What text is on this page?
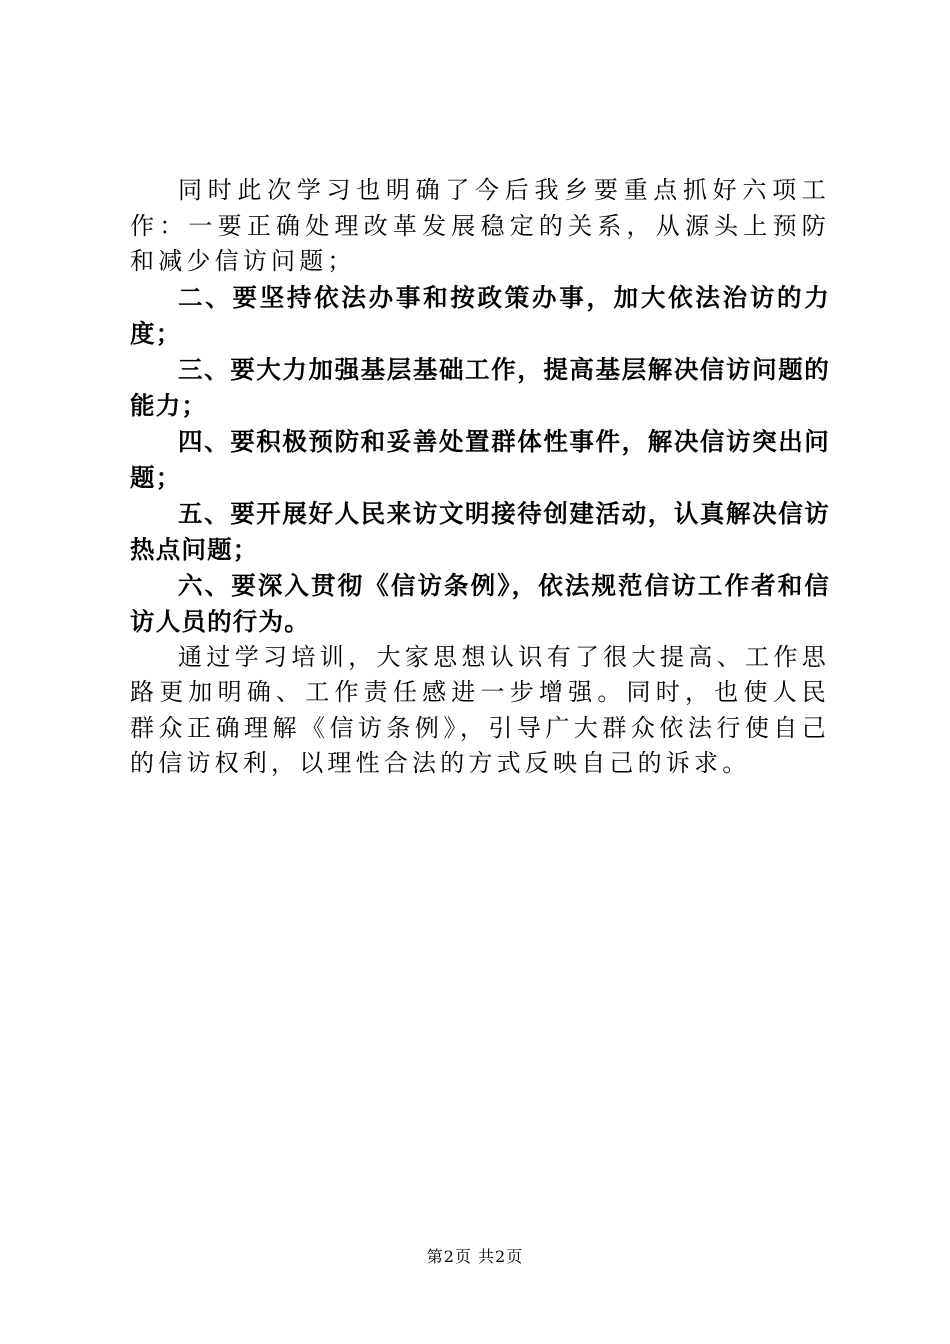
同时此次学习也明确了今后我乡要重点抓好六项工作：一要正确处理改革发展稳定的关系，从源头上预防和减少信访问题；

二、要坚持依法办事和按政策办事，加大依法治访的力度；

三、要大力加强基层基础工作，提高基层解决信访问题的能力；

四、要积极预防和妥善处置群体性事件，解决信访突出问题；

五、要开展好人民来访文明接待创建活动，认真解决信访热点问题；

六、要深入贯彻《信访条例》，依法规范信访工作者和信访人员的行为。

通过学习培训，大家思想认识有了很大提高、工作思路更加明确、工作责任感进一步增强。同时，也使人民群众正确理解《信访条例》，引导广大群众依法行使自己的信访权利，以理性合法的方式反映自己的诉求。

第2页 共2页
